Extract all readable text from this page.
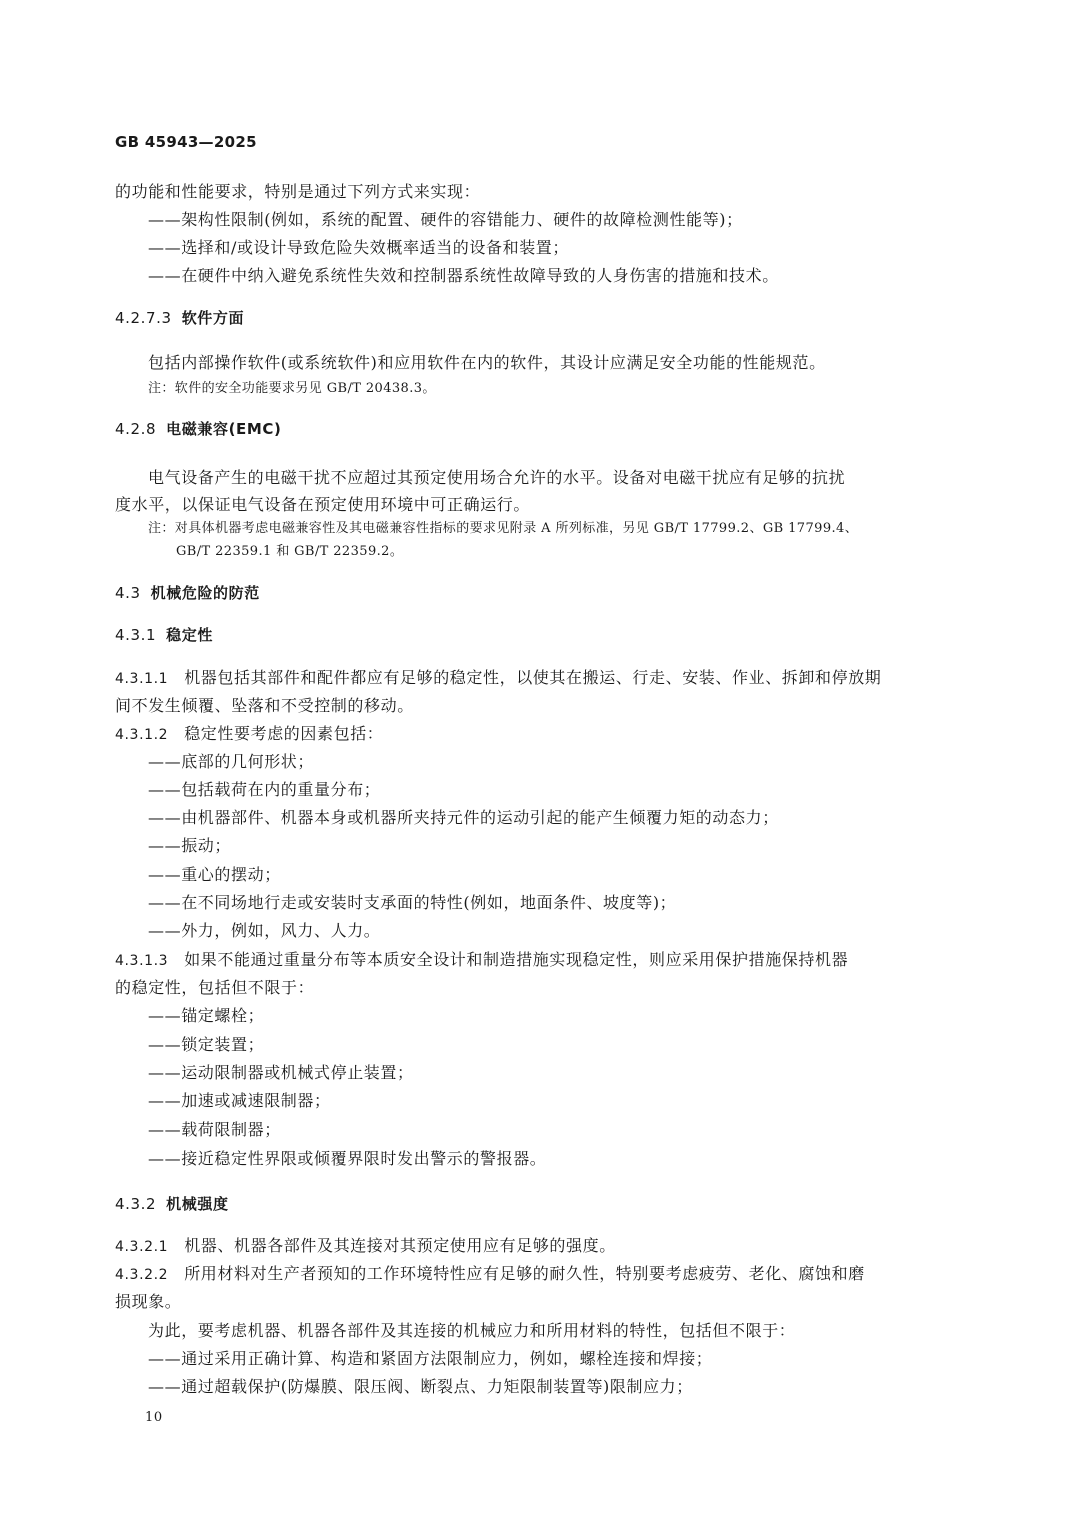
GB 45943—2025
的功能和性能要求，特别是通过下列方式来实现：
——架构性限制(例如，系统的配置、硬件的容错能力、硬件的故障检测性能等)；
——选择和/或设计导致危险失效概率适当的设备和装置；
——在硬件中纳入避免系统性失效和控制器系统性故障导致的人身伤害的措施和技术。
包括内部操作软件(或系统软件)和应用软件在内的软件，其设计应满足安全功能的性能规范。
电气设备产生的电磁干扰不应超过其预定使用场合允许的水平。设备对电磁干扰应有足够的抗扰
度水平，以保证电气设备在预定使用环境中可正确运行。
间不发生倾覆、坠落和不受控制的移动。
——底部的几何形状；
——包括载荷在内的重量分布；
——由机器部件、机器本身或机器所夹持元件的运动引起的能产生倾覆力矩的动态力；
——振动；
——重心的摆动；
——在不同场地行走或安装时支承面的特性(例如，地面条件、坡度等)；
——外力，例如，风力、人力。
的稳定性，包括但不限于：
——锚定螺栓；
——锁定装置；
——运动限制器或机械式停止装置；
——加速或减速限制器；
——载荷限制器；
——接近稳定性界限或倾覆界限时发出警示的警报器。
损现象。
为此，要考虑机器、机器各部件及其连接的机械应力和所用材料的特性，包括但不限于：
——通过采用正确计算、构造和紧固方法限制应力，例如，螺栓连接和焊接；
——通过超载保护(防爆膜、限压阀、断裂点、力矩限制装置等)限制应力；
4.3.1.1 机器包括其部件和配件都应有足够的稳定性，以使其在搬运、行走、安装、作业、拆卸和停放期
4.3.1.2 稳定性要考虑的因素包括：
4.3.1.3 如果不能通过重量分布等本质安全设计和制造措施实现稳定性，则应采用保护措施保持机器
4.3.2.1 机器、机器各部件及其连接对其预定使用应有足够的强度。
4.3.2.2 所用材料对生产者预知的工作环境特性应有足够的耐久性，特别要考虑疲劳、老化、腐蚀和磨
4.2.7.3 软件方面
4.2.8 电磁兼容(EMC)
4.3 机械危险的防范
4.3.1 稳定性
4.3.2 机械强度
注：软件的安全功能要求另见 GB/T 20438.3。
注：对具体机器考虑电磁兼容性及其电磁兼容性指标的要求见附录 A 所列标准，另见 GB/T 17799.2、GB 17799.4、
GB/T 22359.1 和 GB/T 22359.2。
10
